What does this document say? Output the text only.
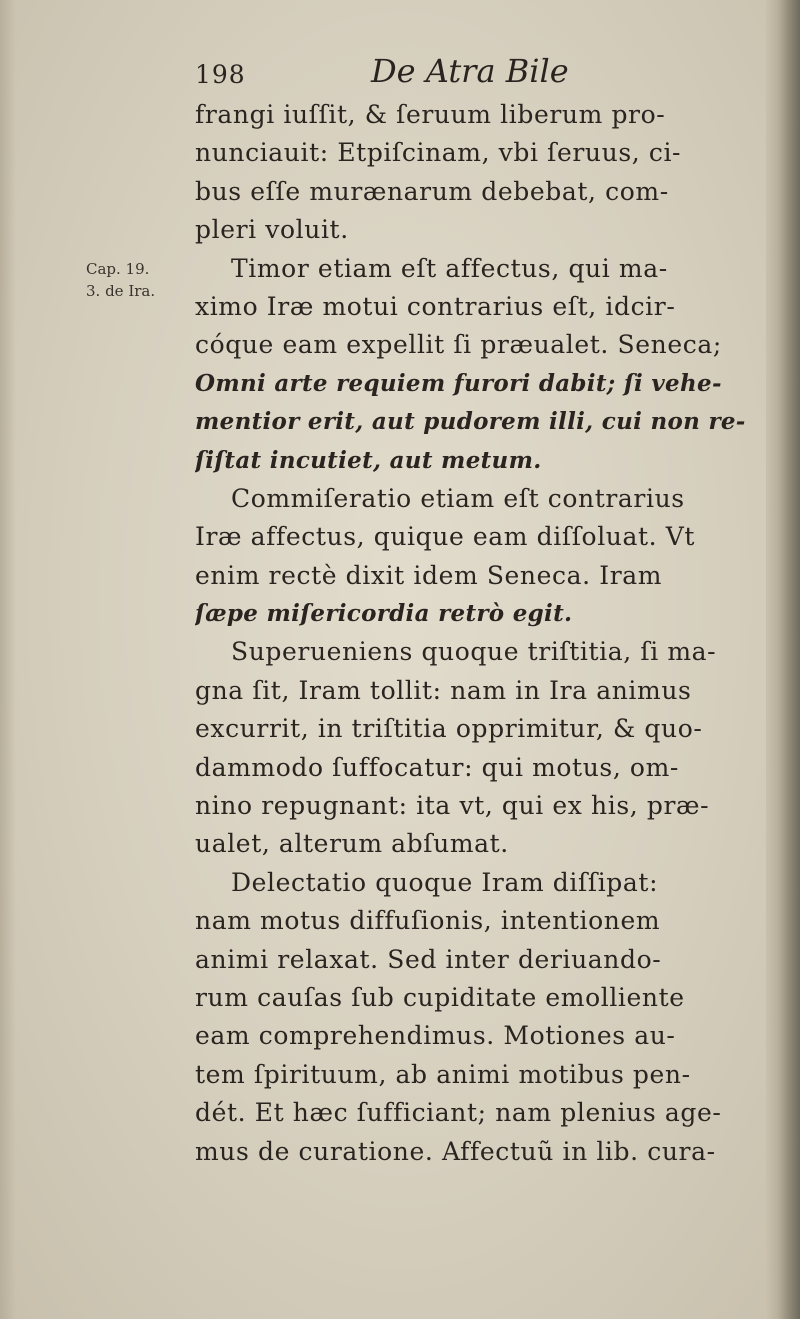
198	De Atra Bile
Cap. 19.
3. de Ira.
frangi iuſſit, & ſeruum liberum pro-
nunciauit: Etpiſcinam, vbi ſeruus, ci-
bus eſſe murænarum debebat, com-
pleri voluit.
Timor etiam eſt affectus, qui ma-
ximo Iræ motui contrarius eſt, idcir-
cóque eam expellit ſi præualet. Seneca;
Omni arte requiem furori dabit; ſi vehe-
mentior erit, aut pudorem illi, cui non re-
ſiſtat incutiet, aut metum.
Commiſeratio etiam eſt contrarius
Iræ affectus, quique eam diſſoluat. Vt
enim rectè dixit idem Seneca. Iram
ſæpe miſericordia retrò egit.
Superueniens quoque triſtitia, ſi ma-
gna ſit, Iram tollit: nam in Ira animus
excurrit, in triſtitia opprimitur, & quo-
dammodo ſuffocatur: qui motus, om-
nino repugnant: ita vt, qui ex his, præ-
ualet, alterum abſumat.
Delectatio quoque Iram diſſipat:
nam motus diffuſionis, intentionem
animi relaxat. Sed inter deriuando-
rum cauſas ſub cupiditate emolliente
eam comprehendimus. Motiones au-
tem ſpirituum, ab animi motibus pen-
dét. Et hæc ſufficiant; nam plenius age-
mus de curatione. Affectuũ in lib. cura-
